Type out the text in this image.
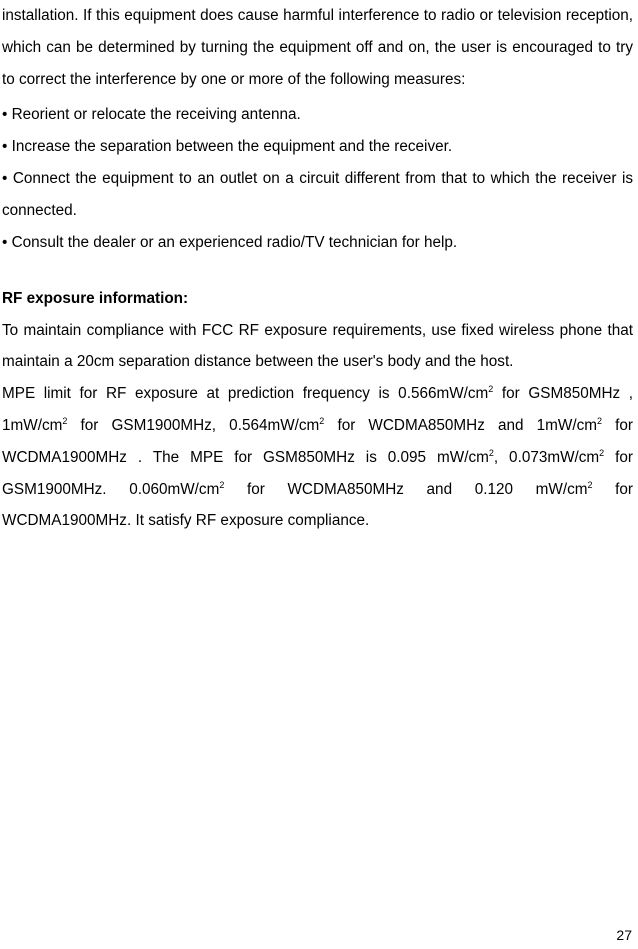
installation. If this equipment does cause harmful interference to radio or television reception, which can be determined by turning the equipment off and on, the user is encouraged to try to correct the interference by one or more of the following measures:

• Reorient or relocate the receiving antenna.

• Increase the separation between the equipment and the receiver.

• Connect the equipment to an outlet on a circuit different from that to which the receiver is connected.

• Consult the dealer or an experienced radio/TV technician for help.

RF exposure information:

To maintain compliance with FCC RF exposure requirements, use fixed wireless phone that maintain a 20cm separation distance between the user's body and the host.

MPE limit for RF exposure at prediction frequency is $0.566mW/cm^2$ for GSM850MHz , $1mW/cm^2$ for GSM1900MHz, $0.564mW/cm^2$ for WCDMA850MHz and $1mW/cm^2$ for WCDMA1900MHz . The MPE for GSM850MHz is 0.095 $mW/cm^2$, $0.073mW/cm^2$ for GSM1900MHz. $0.060mW/cm^2$ for WCDMA850MHz and 0.120 $mW/cm^2$ for WCDMA1900MHz. It satisfy RF exposure compliance.

27
